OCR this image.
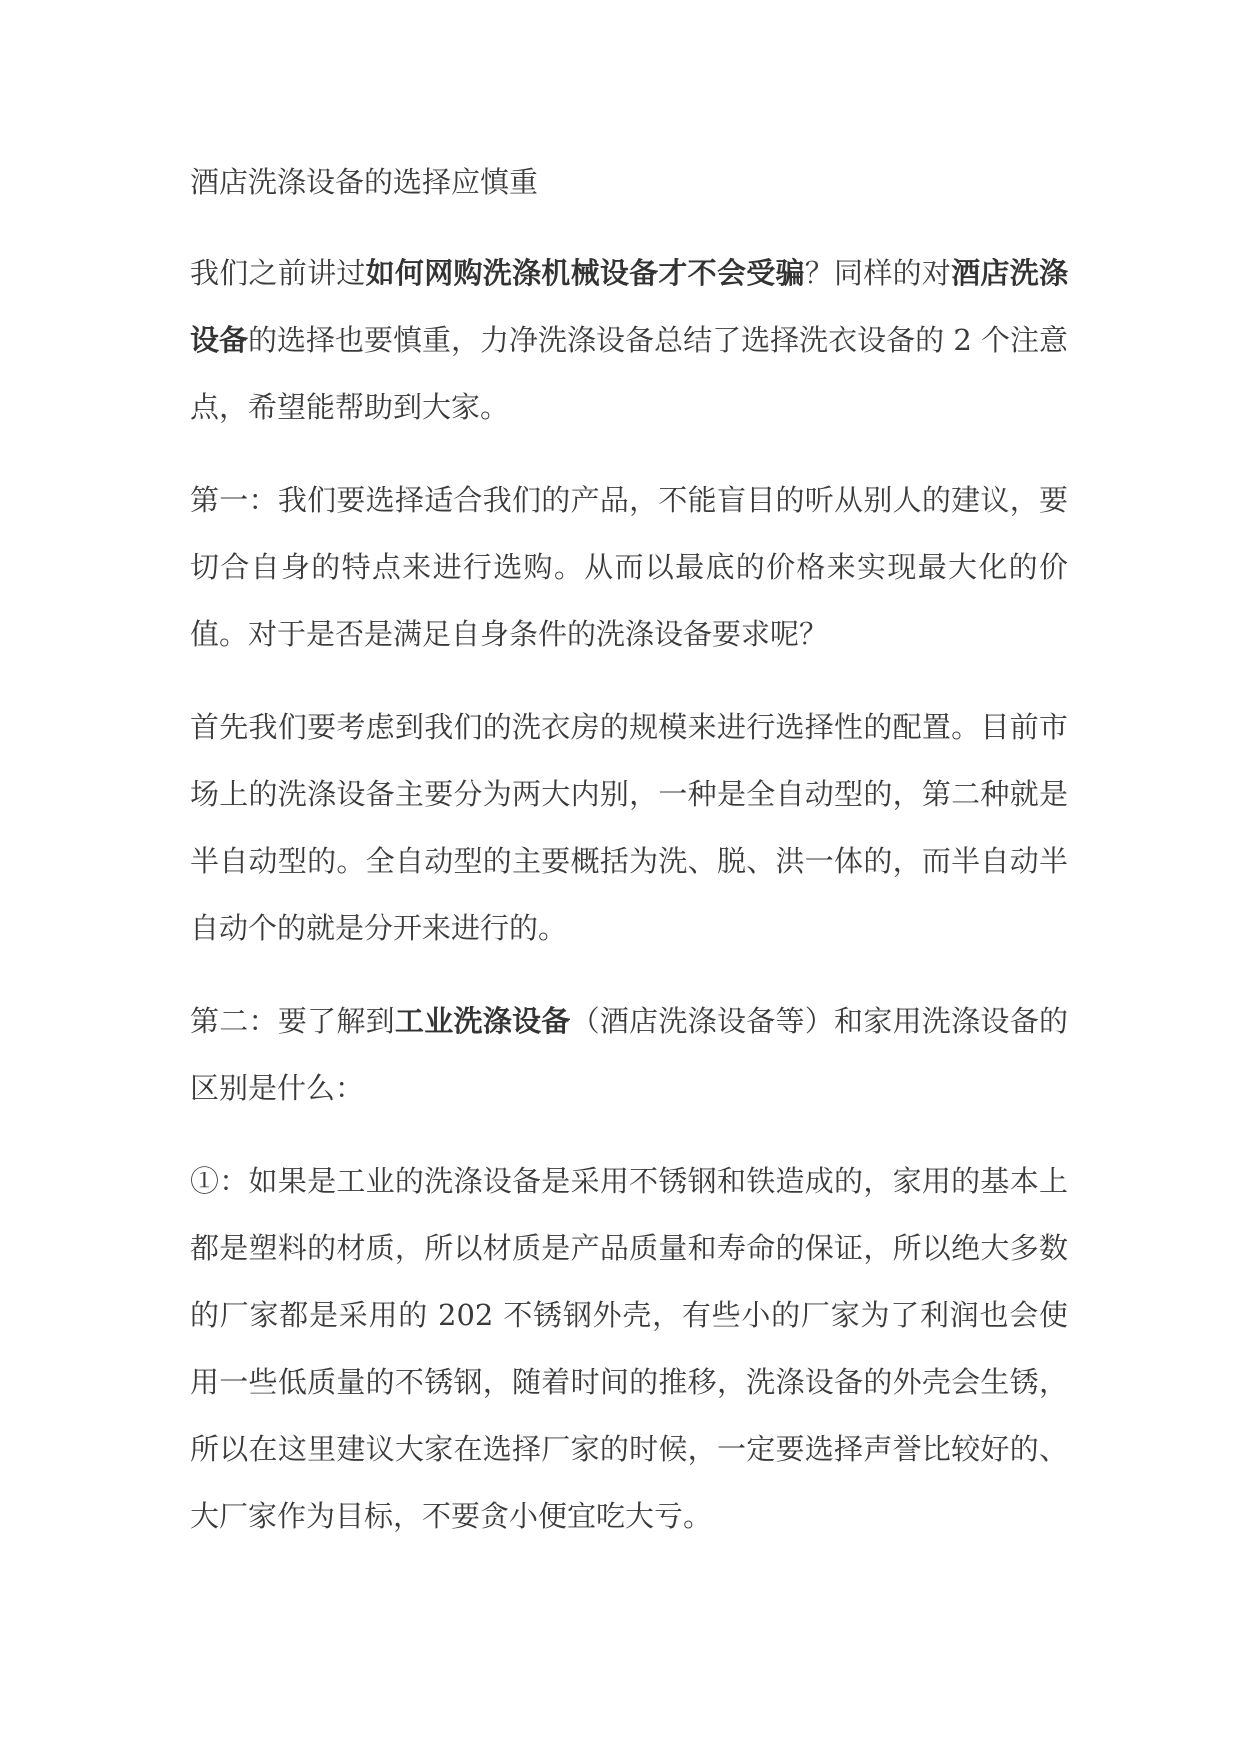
酒店洗涤设备的选择应慎重

我们之前讲过如何网购洗涤机械设备才不会受骗？同样的对酒店洗涤设备的选择也要慎重，力净洗涤设备总结了选择洗衣设备的 2 个注意点，希望能帮助到大家。

第一：我们要选择适合我们的产品，不能盲目的听从别人的建议，要切合自身的特点来进行选购。从而以最底的价格来实现最大化的价值。对于是否是满足自身条件的洗涤设备要求呢？

首先我们要考虑到我们的洗衣房的规模来进行选择性的配置。目前市场上的洗涤设备主要分为两大内别，一种是全自动型的，第二种就是半自动型的。全自动型的主要概括为洗、脱、洪一体的，而半自动半自动个的就是分开来进行的。

第二：要了解到工业洗涤设备（酒店洗涤设备等）和家用洗涤设备的区别是什么：

①：如果是工业的洗涤设备是采用不锈钢和铁造成的，家用的基本上都是塑料的材质，所以材质是产品质量和寿命的保证，所以绝大多数的厂家都是采用的 202 不锈钢外壳，有些小的厂家为了利润也会使用一些低质量的不锈钢，随着时间的推移，洗涤设备的外壳会生锈，所以在这里建议大家在选择厂家的时候，一定要选择声誉比较好的、大厂家作为目标，不要贪小便宜吃大亏。
